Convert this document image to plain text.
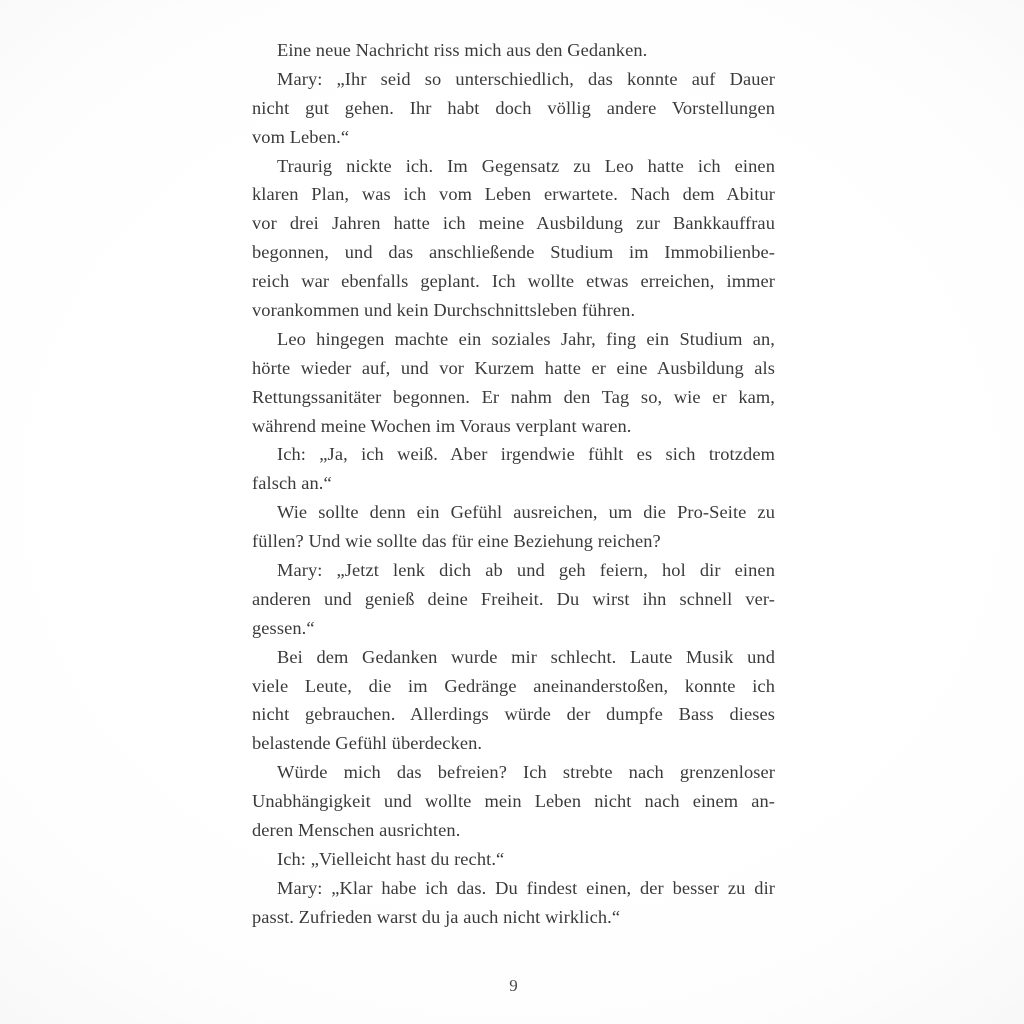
Eine neue Nachricht riss mich aus den Gedanken.
Mary: „Ihr seid so unterschiedlich, das konnte auf Dauer
nicht gut gehen. Ihr habt doch völlig andere Vorstellungen
vom Leben.“
Traurig nickte ich. Im Gegensatz zu Leo hatte ich einen
klaren Plan, was ich vom Leben erwartete. Nach dem Abitur
vor drei Jahren hatte ich meine Ausbildung zur Bankkauffrau
begonnen, und das anschließende Studium im Immobilienbe-
reich war ebenfalls geplant. Ich wollte etwas erreichen, immer
vorankommen und kein Durchschnittsleben führen.
Leo hingegen machte ein soziales Jahr, fing ein Studium an,
hörte wieder auf, und vor Kurzem hatte er eine Ausbildung als
Rettungssanitäter begonnen. Er nahm den Tag so, wie er kam,
während meine Wochen im Voraus verplant waren.
Ich: „Ja, ich weiß. Aber irgendwie fühlt es sich trotzdem
falsch an.“
Wie sollte denn ein Gefühl ausreichen, um die Pro-Seite zu
füllen? Und wie sollte das für eine Beziehung reichen?
Mary: „Jetzt lenk dich ab und geh feiern, hol dir einen
anderen und genieß deine Freiheit. Du wirst ihn schnell ver-
gessen.“
Bei dem Gedanken wurde mir schlecht. Laute Musik und
viele Leute, die im Gedränge aneinanderstoßen, konnte ich
nicht gebrauchen. Allerdings würde der dumpfe Bass dieses
belastende Gefühl überdecken.
Würde mich das befreien? Ich strebte nach grenzenloser
Unabhängigkeit und wollte mein Leben nicht nach einem an-
deren Menschen ausrichten.
Ich: „Vielleicht hast du recht.“
Mary: „Klar habe ich das. Du findest einen, der besser zu dir
passt. Zufrieden warst du ja auch nicht wirklich.“
9
